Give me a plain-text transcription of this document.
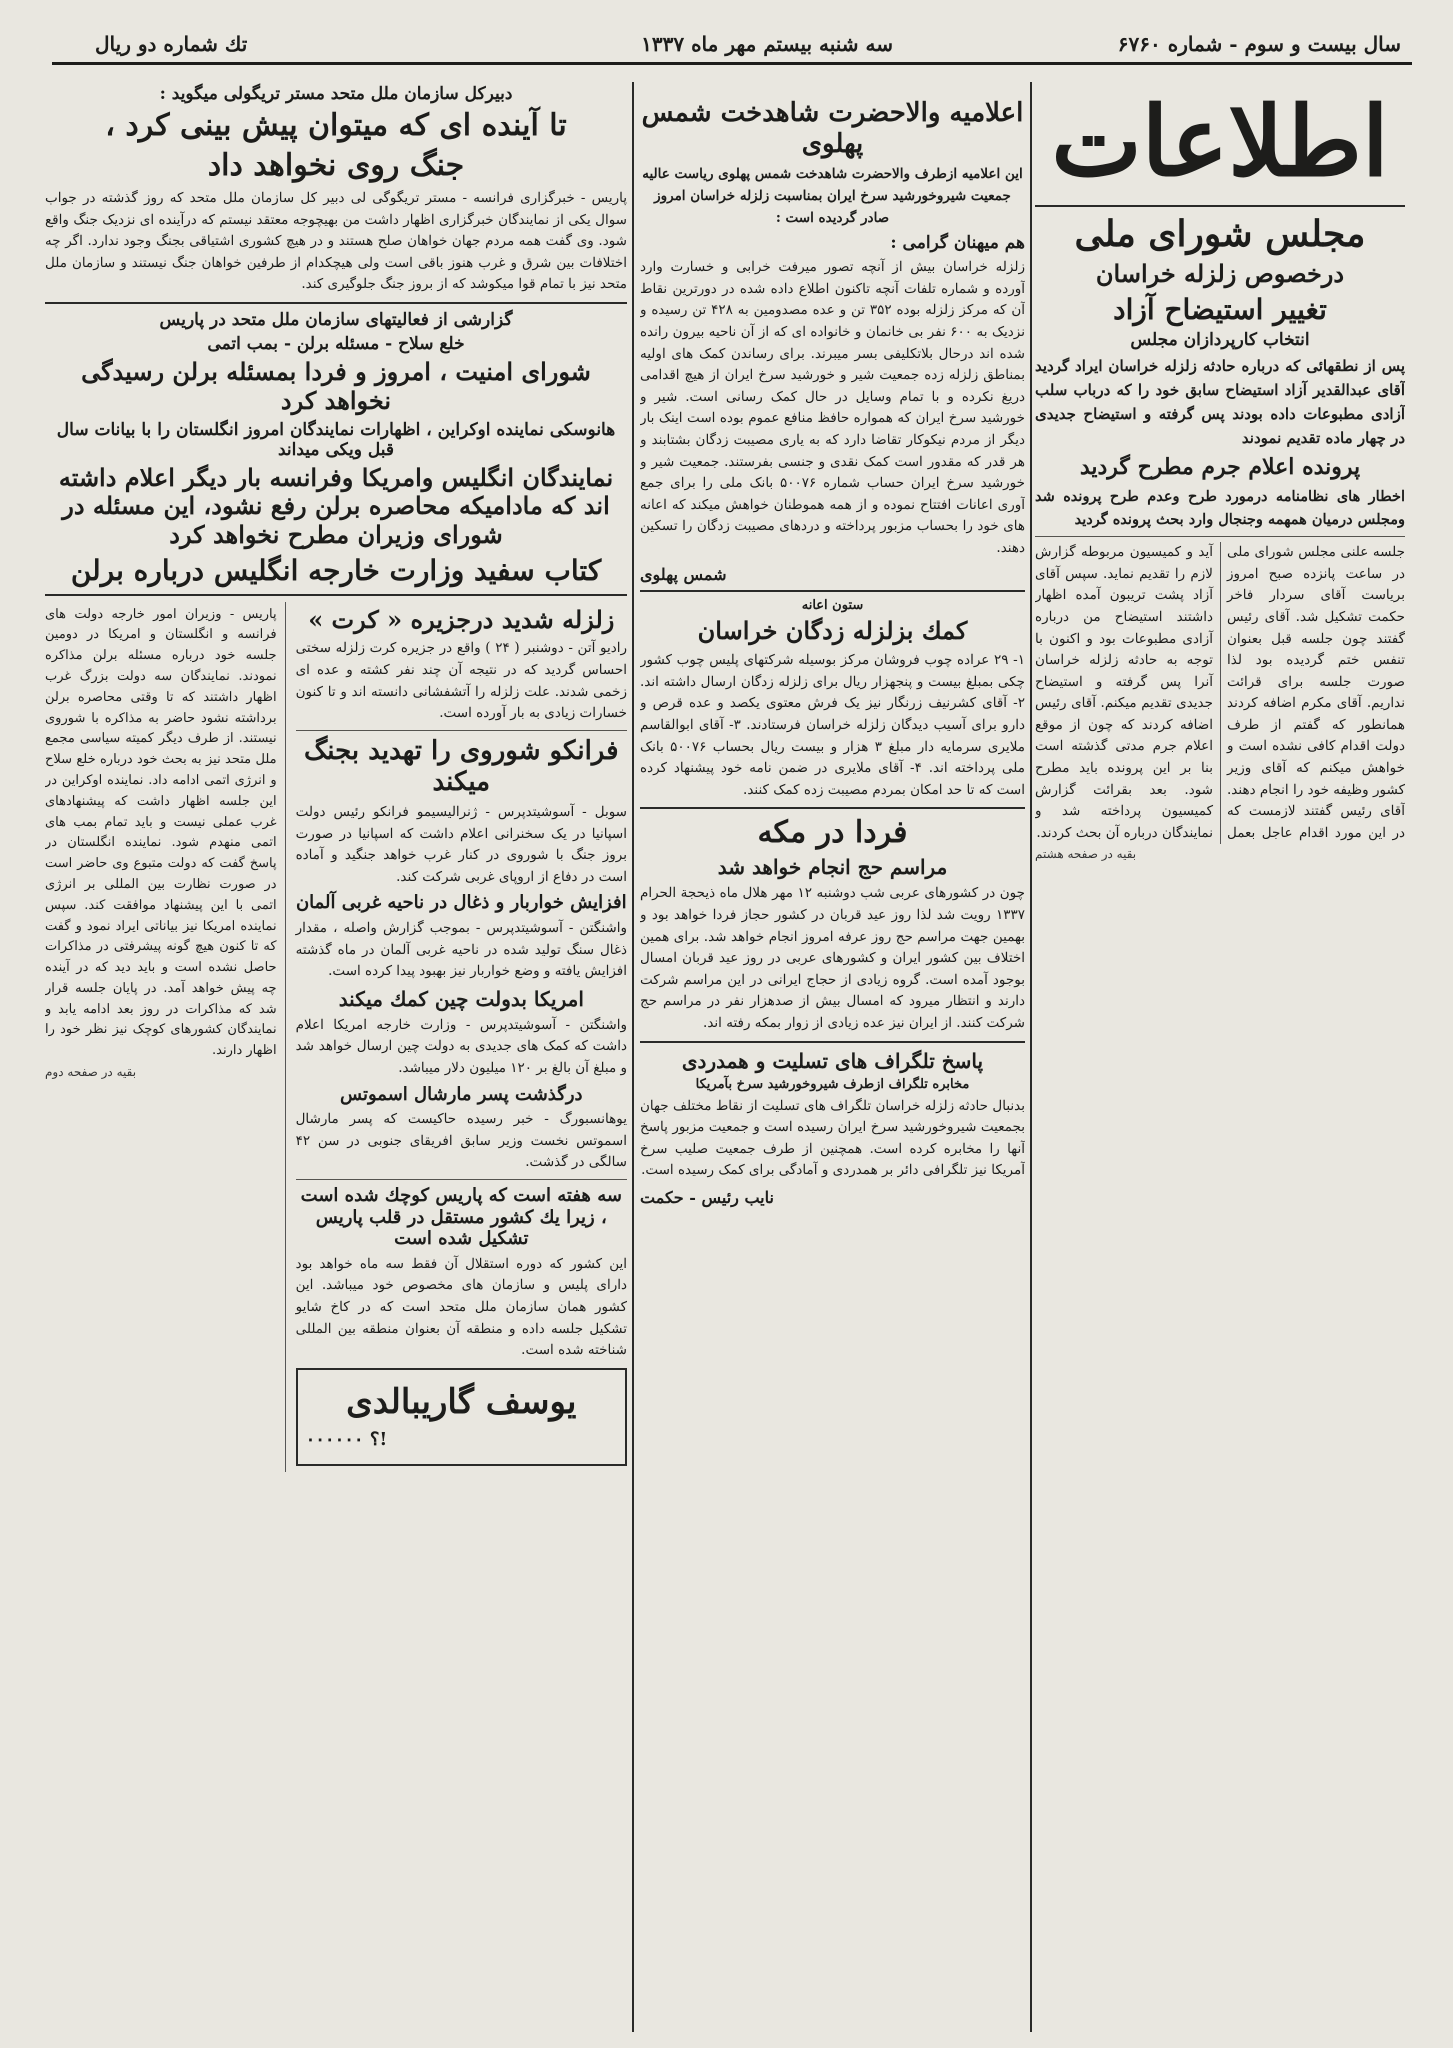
سال بیست و سوم - شماره ۶۷۶۰
سه شنبه بیستم مهر ماه ۱۳۳۷
تك شماره دو ریال
اطلاعات
مجلس شورای ملی
درخصوص زلزله خراسان
تغییر استیضاح آزاد
انتخاب کارپردازان مجلس
پس از نطقهائی که درباره حادثه زلزله خراسان ایراد گردید آقای عبدالقدیر آزاد استیضاح سابق خود را که درباب سلب آزادی مطبوعات داده بودند پس گرفته و استیضاح جدیدی در چهار ماده تقدیم نمودند
پرونده اعلام جرم مطرح گردید
اخطار های نظامنامه درمورد طرح وعدم طرح پرونده شد ومجلس درمیان همهمه وجنجال وارد بحث پرونده گردید
جلسه علنی مجلس شورای ملی در ساعت پانزده صبح امروز بریاست آقای سردار فاخر حکمت تشکیل شد. آقای رئیس گفتند چون جلسه قبل بعنوان تنفس ختم گردیده بود لذا صورت جلسه برای قرائت نداریم. آقای مکرم اضافه کردند همانطور که گفتم از طرف دولت اقدام کافی نشده است و خواهش میکنم که آقای وزیر کشور وظیفه خود را انجام دهند. آقای رئیس گفتند لازمست که در این مورد اقدام عاجل بعمل آید و کمیسیون مربوطه گزارش لازم را تقدیم نماید. سپس آقای آزاد پشت تریبون آمده اظهار داشتند استیضاح من درباره آزادی مطبوعات بود و اکنون با توجه به حادثه زلزله خراسان آنرا پس گرفته و استیضاح جدیدی تقدیم میکنم. آقای رئیس اضافه کردند که چون از موقع اعلام جرم مدتی گذشته است بنا بر این پرونده باید مطرح شود. بعد بقرائت گزارش کمیسیون پرداخته شد و نمایندگان درباره آن بحث کردند.
بقیه در صفحه هشتم
اعلامیه والاحضرت شاهدخت شمس پهلوی
این اعلامیه ازطرف والاحضرت شاهدخت شمس پهلوی ریاست عالیه جمعیت شیروخورشید سرخ ایران بمناسبت زلزله خراسان امروز صادر گردیده است :
هم میهنان گرامی :
زلزله خراسان بیش از آنچه تصور میرفت خرابی و خسارت وارد آورده و شماره تلفات آنچه تاکنون اطلاع داده شده در دورترین نقاط آن که مرکز زلزله بوده ۳۵۲ تن و عده مصدومین به ۴۲۸ تن رسیده و نزدیک به ۶۰۰ نفر بی خانمان و خانواده ای که از آن ناحیه بیرون رانده شده اند درحال بلاتکلیفی بسر میبرند. برای رساندن کمک های اولیه بمناطق زلزله زده جمعیت شیر و خورشید سرخ ایران از هیچ اقدامی دریغ نکرده و با تمام وسایل در حال کمک رسانی است. شیر و خورشید سرخ ایران که همواره حافظ منافع عموم بوده است اینک بار دیگر از مردم نیکوکار تقاضا دارد که به یاری مصیبت زدگان بشتابند و هر قدر که مقدور است کمک نقدی و جنسی بفرستند. جمعیت شیر و خورشید سرخ ایران حساب شماره ۵۰۰۷۶ بانک ملی را برای جمع آوری اعانات افتتاح نموده و از همه هموطنان خواهش میکند که اعانه های خود را بحساب مزبور پرداخته و دردهای مصیبت زدگان را تسکین دهند.
شمس پهلوی
ستون اعانه
کمك بزلزله زدگان خراسان
۱- ۲۹ عراده چوب فروشان مرکز بوسیله شرکتهای پلیس چوب کشور چکی بمبلغ بیست و پنجهزار ریال برای زلزله زدگان ارسال داشته اند. ۲- آقای کشرنیف زرنگار نیز یک فرش معتوی یکصد و عده قرص و دارو برای آسیب دیدگان زلزله خراسان فرستادند. ۳- آقای ابوالقاسم ملایری سرمایه دار مبلغ ۳ هزار و بیست ریال بحساب ۵۰۰۷۶ بانک ملی پرداخته اند. ۴- آقای ملایری در ضمن نامه خود پیشنهاد کرده است که تا حد امکان بمردم مصیبت زده کمک کنند.
فردا در مکه
مراسم حج انجام خواهد شد
چون در کشورهای عربی شب دوشنبه ۱۲ مهر هلال ماه ذیحجة الحرام ۱۳۳۷ رویت شد لذا روز عید قربان در کشور حجاز فردا خواهد بود و بهمین جهت مراسم حج روز عرفه امروز انجام خواهد شد. برای همین اختلاف بین کشور ایران و کشورهای عربی در روز عید قربان امسال بوجود آمده است. گروه زیادی از حجاج ایرانی در این مراسم شرکت دارند و انتظار میرود که امسال بیش از صدهزار نفر در مراسم حج شرکت کنند. از ایران نیز عده زیادی از زوار بمکه رفته اند.
پاسخ تلگراف های تسلیت و همدردی
مخابره تلگراف ازطرف شیروخورشید سرخ بآمریکا
بدنبال حادثه زلزله خراسان تلگراف های تسلیت از نقاط مختلف جهان بجمعیت شیروخورشید سرخ ایران رسیده است و جمعیت مزبور پاسخ آنها را مخابره کرده است. همچنین از طرف جمعیت صلیب سرخ آمریکا نیز تلگرافی دائر بر همدردی و آمادگی برای کمک رسیده است.
نایب رئیس - حکمت
دبیرکل سازمان ملل متحد مستر تریگولی میگوید :
تا آینده ای که میتوان پیش بینی کرد ،
جنگ روی نخواهد داد
پاریس - خبرگزاری فرانسه - مستر تریگوگی لی دبیر کل سازمان ملل متحد که روز گذشته در جواب سوال یکی از نمایندگان خبرگزاری اظهار داشت من بهیچوجه معتقد نیستم که درآینده ای نزدیک جنگ واقع شود. وی گفت همه مردم جهان خواهان صلح هستند و در هیچ کشوری اشتیاقی بجنگ وجود ندارد. اگر چه اختلافات بین شرق و غرب هنوز باقی است ولی هیچکدام از طرفین خواهان جنگ نیستند و سازمان ملل متحد نیز با تمام قوا میکوشد که از بروز جنگ جلوگیری کند.
گزارشی از فعالیتهای سازمان ملل متحد در پاریس
خلع سلاح - مسئله برلن - بمب اتمی
شورای امنیت ، امروز و فردا بمسئله برلن رسیدگی نخواهد کرد
هانوسکی نماینده اوکراین ، اظهارات نمایندگان امروز انگلستان را با بیانات سال قبل ویکی میداند
نمایندگان انگلیس وامریکا وفرانسه بار دیگر اعلام داشته اند که مادامیکه محاصره برلن رفع نشود، این مسئله در شورای وزیران مطرح نخواهد کرد
کتاب سفید وزارت خارجه انگلیس درباره برلن
زلزله شدید درجزیره « کرت »
رادیو آتن - دوشنبر ( ۲۴ ) واقع در جزیره کرت زلزله سختی احساس گردید که در نتیجه آن چند نفر کشته و عده ای زخمی شدند. علت زلزله را آتشفشانی دانسته اند و تا کنون خسارات زیادی به بار آورده است.
فرانکو شوروی را تهدید بجنگ میکند
سوبل - آسوشیتدپرس - ژنرالیسیمو فرانکو رئیس دولت اسپانیا در یک سخنرانی اعلام داشت که اسپانیا در صورت بروز جنگ با شوروی در کنار غرب خواهد جنگید و آماده است در دفاع از اروپای غربی شرکت کند.
افزایش خواربار و ذغال در ناحیه غربی آلمان
واشنگتن - آسوشیتدپرس - بموجب گزارش واصله ، مقدار ذغال سنگ تولید شده در ناحیه غربی آلمان در ماه گذشته افزایش یافته و وضع خواربار نیز بهبود پیدا کرده است.
امریکا بدولت چین کمك میکند
واشنگتن - آسوشیتدپرس - وزارت خارجه امریکا اعلام داشت که کمک های جدیدی به دولت چین ارسال خواهد شد و مبلغ آن بالغ بر ۱۲۰ میلیون دلار میباشد.
درگذشت پسر مارشال اسموتس
یوهانسبورگ - خبر رسیده حاکیست که پسر مارشال اسموتس نخست وزیر سابق افریقای جنوبی در سن ۴۲ سالگی در گذشت.
سه هفته است که پاریس کوچك شده است ، زیرا یك کشور مستقل در قلب پاریس تشکیل شده است
این کشور که دوره استقلال آن فقط سه ماه خواهد بود دارای پلیس و سازمان های مخصوص خود میباشد. این کشور همان سازمان ملل متحد است که در کاخ شایو تشکیل جلسه داده و منطقه آن بعنوان منطقه بین المللی شناخته شده است.
یوسف گاریبالدی
!؟ ۰۰۰۰۰۰
پاریس - وزیران امور خارجه دولت های فرانسه و انگلستان و امریکا در دومین جلسه خود درباره مسئله برلن مذاکره نمودند. نمایندگان سه دولت بزرگ غرب اظهار داشتند که تا وقتی محاصره برلن برداشته نشود حاضر به مذاکره با شوروی نیستند. از طرف دیگر کمیته سیاسی مجمع ملل متحد نیز به بحث خود درباره خلع سلاح و انرژی اتمی ادامه داد. نماینده اوکراین در این جلسه اظهار داشت که پیشنهادهای غرب عملی نیست و باید تمام بمب های اتمی منهدم شود. نماینده انگلستان در پاسخ گفت که دولت متبوع وی حاضر است در صورت نظارت بین المللی بر انرژی اتمی با این پیشنهاد موافقت کند. سپس نماینده امریکا نیز بیاناتی ایراد نمود و گفت که تا کنون هیچ گونه پیشرفتی در مذاکرات حاصل نشده است و باید دید که در آینده چه پیش خواهد آمد. در پایان جلسه قرار شد که مذاکرات در روز بعد ادامه یابد و نمایندگان کشورهای کوچک نیز نظر خود را اظهار دارند.
بقیه در صفحه دوم
